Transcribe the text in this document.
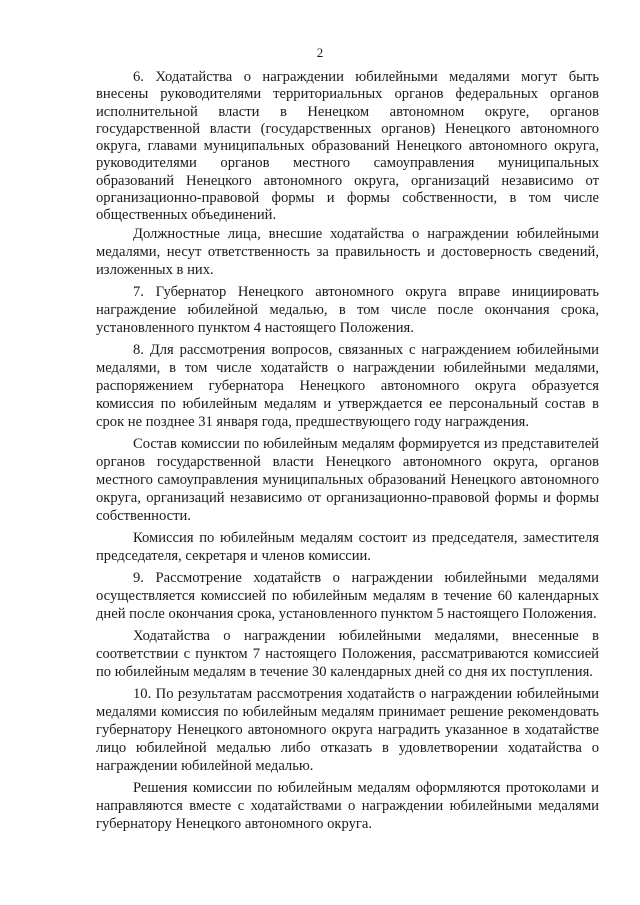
2

6. Ходатайства о награждении юбилейными медалями могут быть внесены руководителями территориальных органов федеральных органов исполнительной власти в Ненецком автономном округе, органов государственной власти (государственных органов) Ненецкого автономного округа, главами муниципальных образований Ненецкого автономного округа, руководителями органов местного самоуправления муниципальных образований Ненецкого автономного округа, организаций независимо от организационно-правовой формы и формы собственности, в том числе общественных объединений.

Должностные лица, внесшие ходатайства о награждении юбилейными медалями, несут ответственность за правильность и достоверность сведений, изложенных в них.

7. Губернатор Ненецкого автономного округа вправе инициировать награждение юбилейной медалью, в том числе после окончания срока, установленного пунктом 4 настоящего Положения.

8. Для рассмотрения вопросов, связанных с награждением юбилейными медалями, в том числе ходатайств о награждении юбилейными медалями, распоряжением губернатора Ненецкого автономного округа образуется комиссия по юбилейным медалям и утверждается ее персональный состав в срок не позднее 31 января года, предшествующего году награждения.

Состав комиссии по юбилейным медалям формируется из представителей органов государственной власти Ненецкого автономного округа, органов местного самоуправления муниципальных образований Ненецкого автономного округа, организаций независимо от организационно-правовой формы и формы собственности.

Комиссия по юбилейным медалям состоит из председателя, заместителя председателя, секретаря и членов комиссии.

9. Рассмотрение ходатайств о награждении юбилейными медалями осуществляется комиссией по юбилейным медалям в течение 60 календарных дней после окончания срока, установленного пунктом 5 настоящего Положения.

Ходатайства о награждении юбилейными медалями, внесенные в соответствии с пунктом 7 настоящего Положения, рассматриваются комиссией по юбилейным медалям в течение 30 календарных дней со дня их поступления.

10. По результатам рассмотрения ходатайств о награждении юбилейными медалями комиссия по юбилейным медалям принимает решение рекомендовать губернатору Ненецкого автономного округа наградить указанное в ходатайстве лицо юбилейной медалью либо отказать в удовлетворении ходатайства о награждении юбилейной медалью.

Решения комиссии по юбилейным медалям оформляются протоколами и направляются вместе с ходатайствами о награждении юбилейными медалями губернатору Ненецкого автономного округа.
